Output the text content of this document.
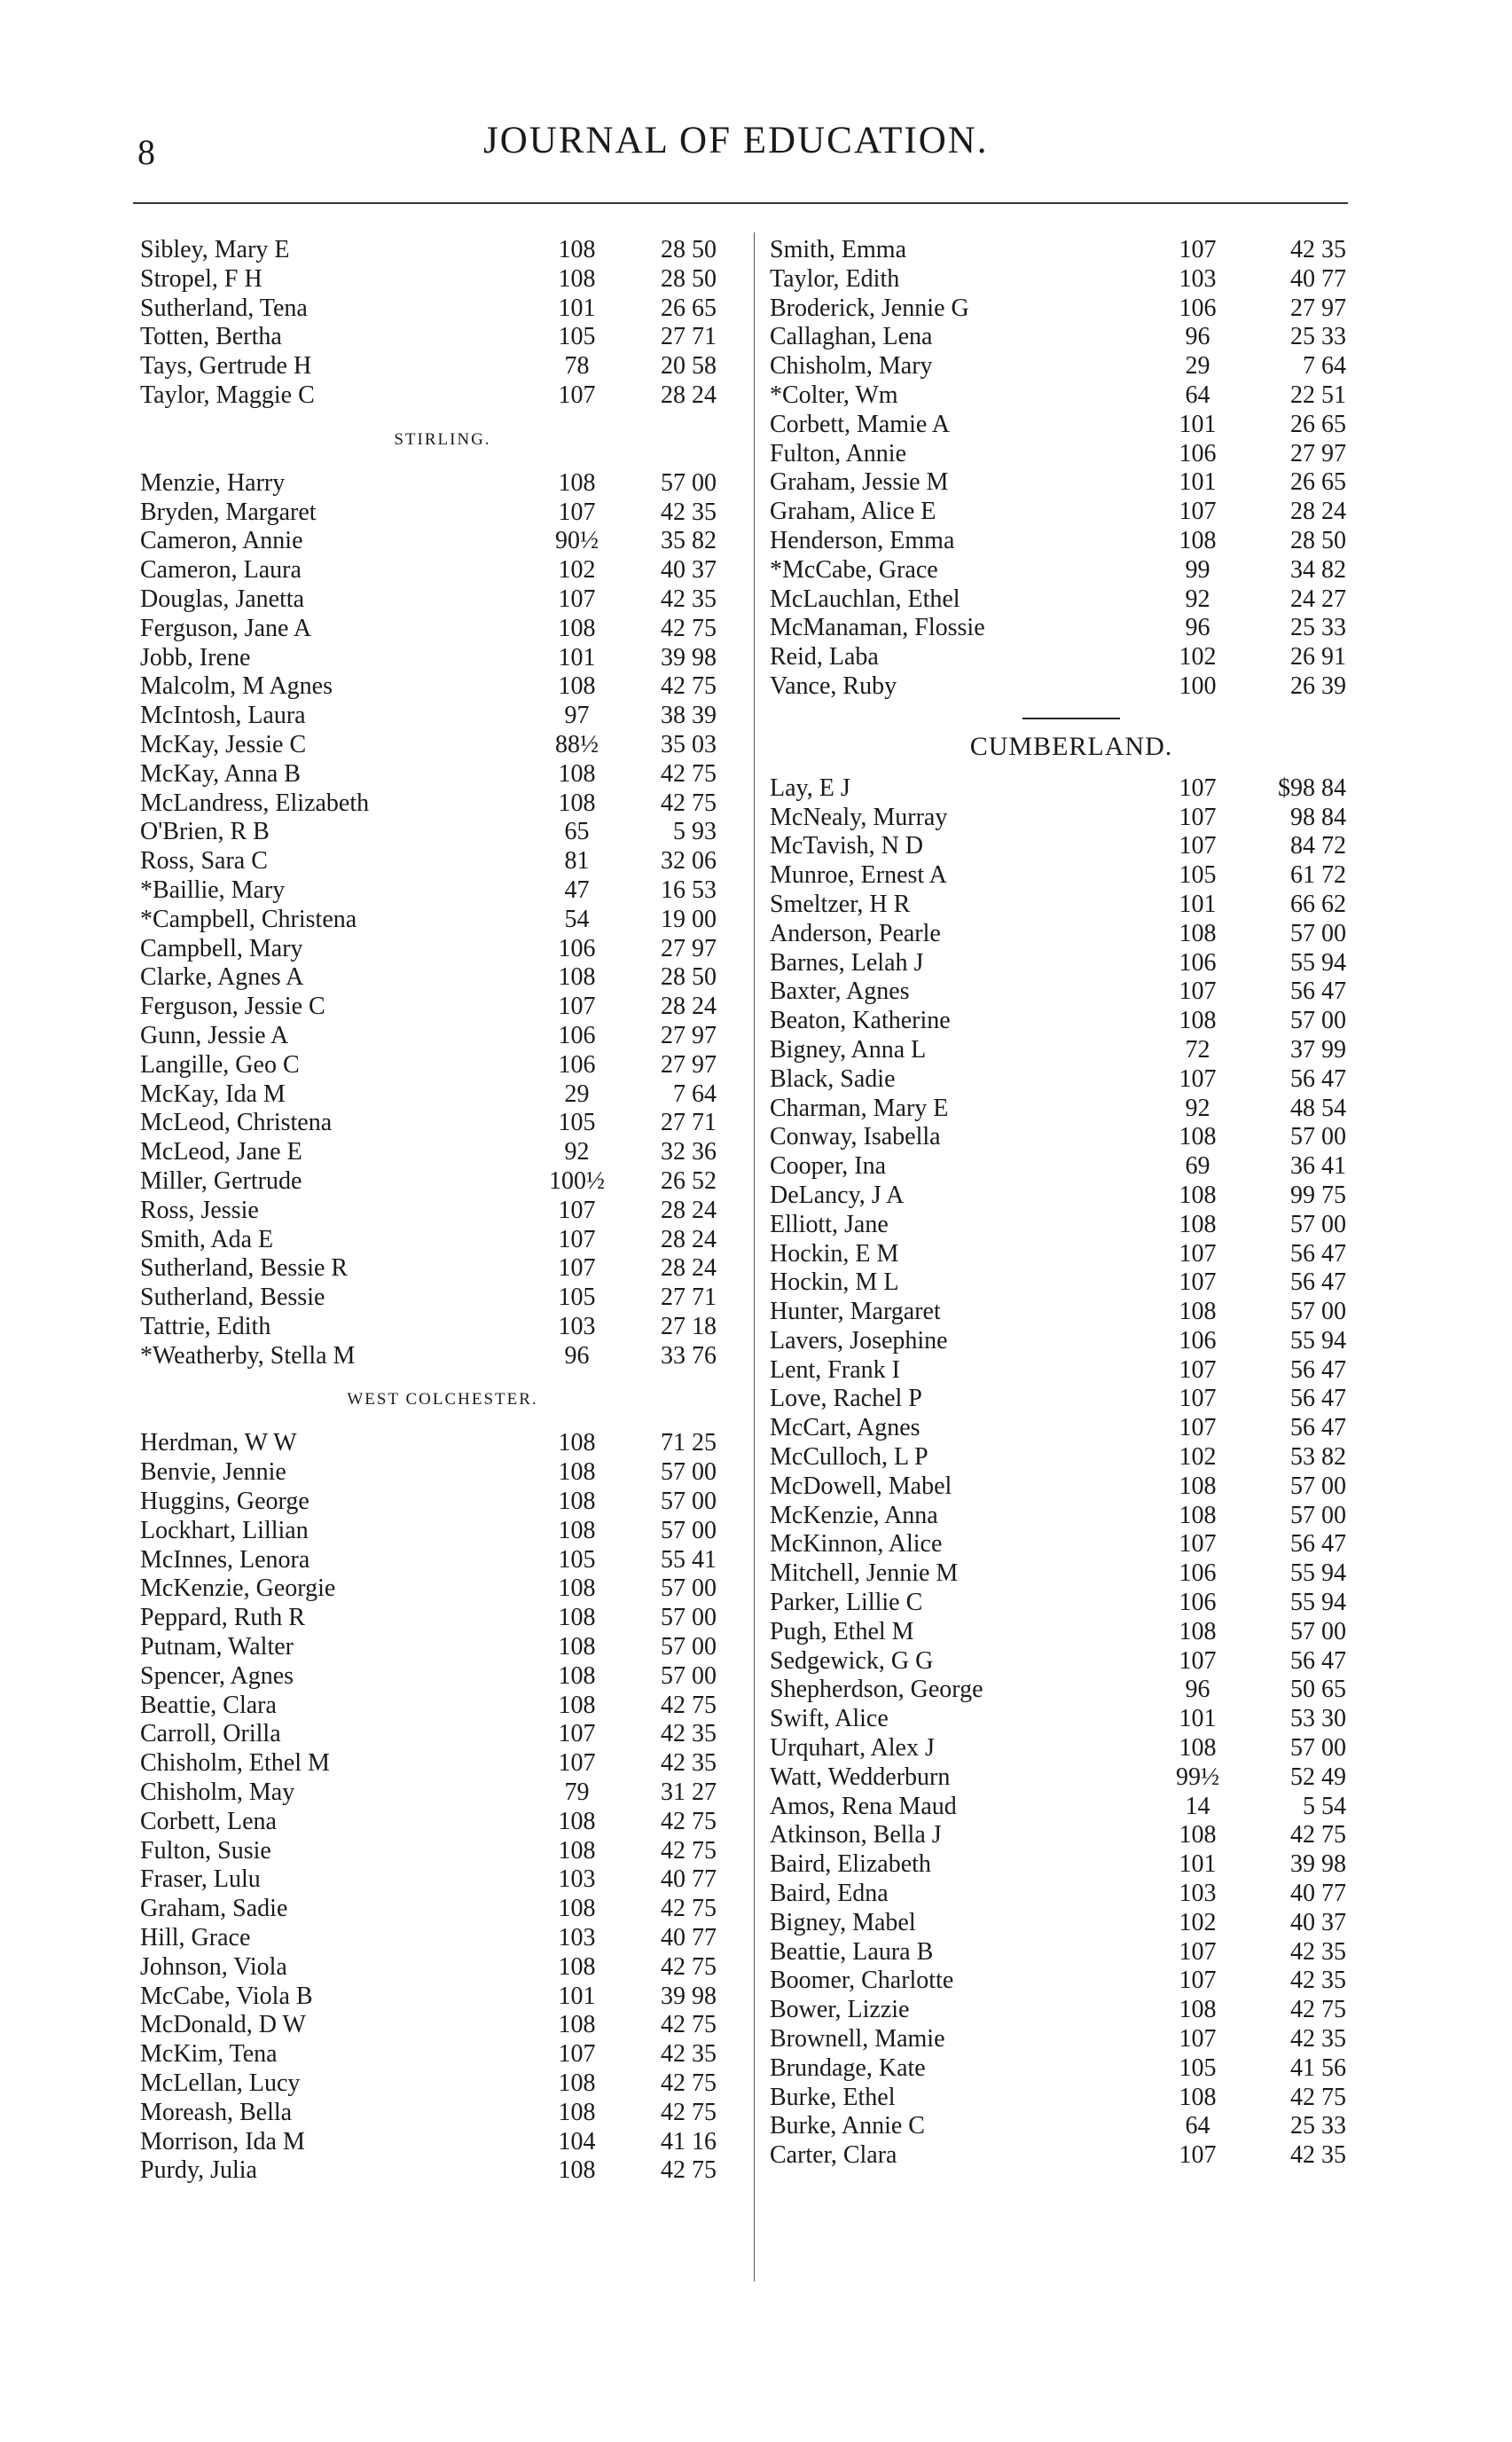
8	JOURNAL OF EDUCATION.
Sibley, Mary E	108	28 50
Stropel, F H	108	28 50
Sutherland, Tena	101	26 65
Totten, Bertha	105	27 71
Tays, Gertrude H	78	20 58
Taylor, Maggie C	107	28 24
STIRLING.
Menzie, Harry	108	57 00
Bryden, Margaret	107	42 35
Cameron, Annie	90½	35 82
Cameron, Laura	102	40 37
Douglas, Janetta	107	42 35
Ferguson, Jane A	108	42 75
Jobb, Irene	101	39 98
Malcolm, M Agnes	108	42 75
McIntosh, Laura	97	38 39
McKay, Jessie C	88½	35 03
McKay, Anna B	108	42 75
McLandress, Elizabeth	108	42 75
O'Brien, R B	65	5 93
Ross, Sara C	81	32 06
*Baillie, Mary	47	16 53
*Campbell, Christena	54	19 00
Campbell, Mary	106	27 97
Clarke, Agnes A	108	28 50
Ferguson, Jessie C	107	28 24
Gunn, Jessie A	106	27 97
Langille, Geo C	106	27 97
McKay, Ida M	29	7 64
McLeod, Christena	105	27 71
McLeod, Jane E	92	32 36
Miller, Gertrude	100½	26 52
Ross, Jessie	107	28 24
Smith, Ada E	107	28 24
Sutherland, Bessie R	107	28 24
Sutherland, Bessie	105	27 71
Tattrie, Edith	103	27 18
*Weatherby, Stella M	96	33 76
WEST COLCHESTER.
Herdman, W W	108	71 25
Benvie, Jennie	108	57 00
Huggins, George	108	57 00
Lockhart, Lillian	108	57 00
McInnes, Lenora	105	55 41
McKenzie, Georgie	108	57 00
Peppard, Ruth R	108	57 00
Putnam, Walter	108	57 00
Spencer, Agnes	108	57 00
Beattie, Clara	108	42 75
Carroll, Orilla	107	42 35
Chisholm, Ethel M	107	42 35
Chisholm, May	79	31 27
Corbett, Lena	108	42 75
Fulton, Susie	108	42 75
Fraser, Lulu	103	40 77
Graham, Sadie	108	42 75
Hill, Grace	103	40 77
Johnson, Viola	108	42 75
McCabe, Viola B	101	39 98
McDonald, D W	108	42 75
McKim, Tena	107	42 35
McLellan, Lucy	108	42 75
Moreash, Bella	108	42 75
Morrison, Ida M	104	41 16
Purdy, Julia	108	42 75
Smith, Emma	107	42 35
Taylor, Edith	103	40 77
Broderick, Jennie G	106	27 97
Callaghan, Lena	96	25 33
Chisholm, Mary	29	7 64
*Colter, Wm	64	22 51
Corbett, Mamie A	101	26 65
Fulton, Annie	106	27 97
Graham, Jessie M	101	26 65
Graham, Alice E	107	28 24
Henderson, Emma	108	28 50
*McCabe, Grace	99	34 82
McLauchlan, Ethel	92	24 27
McManaman, Flossie	96	25 33
Reid, Laba	102	26 91
Vance, Ruby	100	26 39
CUMBERLAND.
Lay, E J	107	$98 84
McNealy, Murray	107	98 84
McTavish, N D	107	84 72
Munroe, Ernest A	105	61 72
Smeltzer, H R	101	66 62
Anderson, Pearle	108	57 00
Barnes, Lelah J	106	55 94
Baxter, Agnes	107	56 47
Beaton, Katherine	108	57 00
Bigney, Anna L	72	37 99
Black, Sadie	107	56 47
Charman, Mary E	92	48 54
Conway, Isabella	108	57 00
Cooper, Ina	69	36 41
DeLancy, J A	108	99 75
Elliott, Jane	108	57 00
Hockin, E M	107	56 47
Hockin, M L	107	56 47
Hunter, Margaret	108	57 00
Lavers, Josephine	106	55 94
Lent, Frank I	107	56 47
Love, Rachel P	107	56 47
McCart, Agnes	107	56 47
McCulloch, L P	102	53 82
McDowell, Mabel	108	57 00
McKenzie, Anna	108	57 00
McKinnon, Alice	107	56 47
Mitchell, Jennie M	106	55 94
Parker, Lillie C	106	55 94
Pugh, Ethel M	108	57 00
Sedgewick, G G	107	56 47
Shepherdson, George	96	50 65
Swift, Alice	101	53 30
Urquhart, Alex J	108	57 00
Watt, Wedderburn	99½	52 49
Amos, Rena Maud	14	5 54
Atkinson, Bella J	108	42 75
Baird, Elizabeth	101	39 98
Baird, Edna	103	40 77
Bigney, Mabel	102	40 37
Beattie, Laura B	107	42 35
Boomer, Charlotte	107	42 35
Bower, Lizzie	108	42 75
Brownell, Mamie	107	42 35
Brundage, Kate	105	41 56
Burke, Ethel	108	42 75
Burke, Annie C	64	25 33
Carter, Clara	107	42 35
